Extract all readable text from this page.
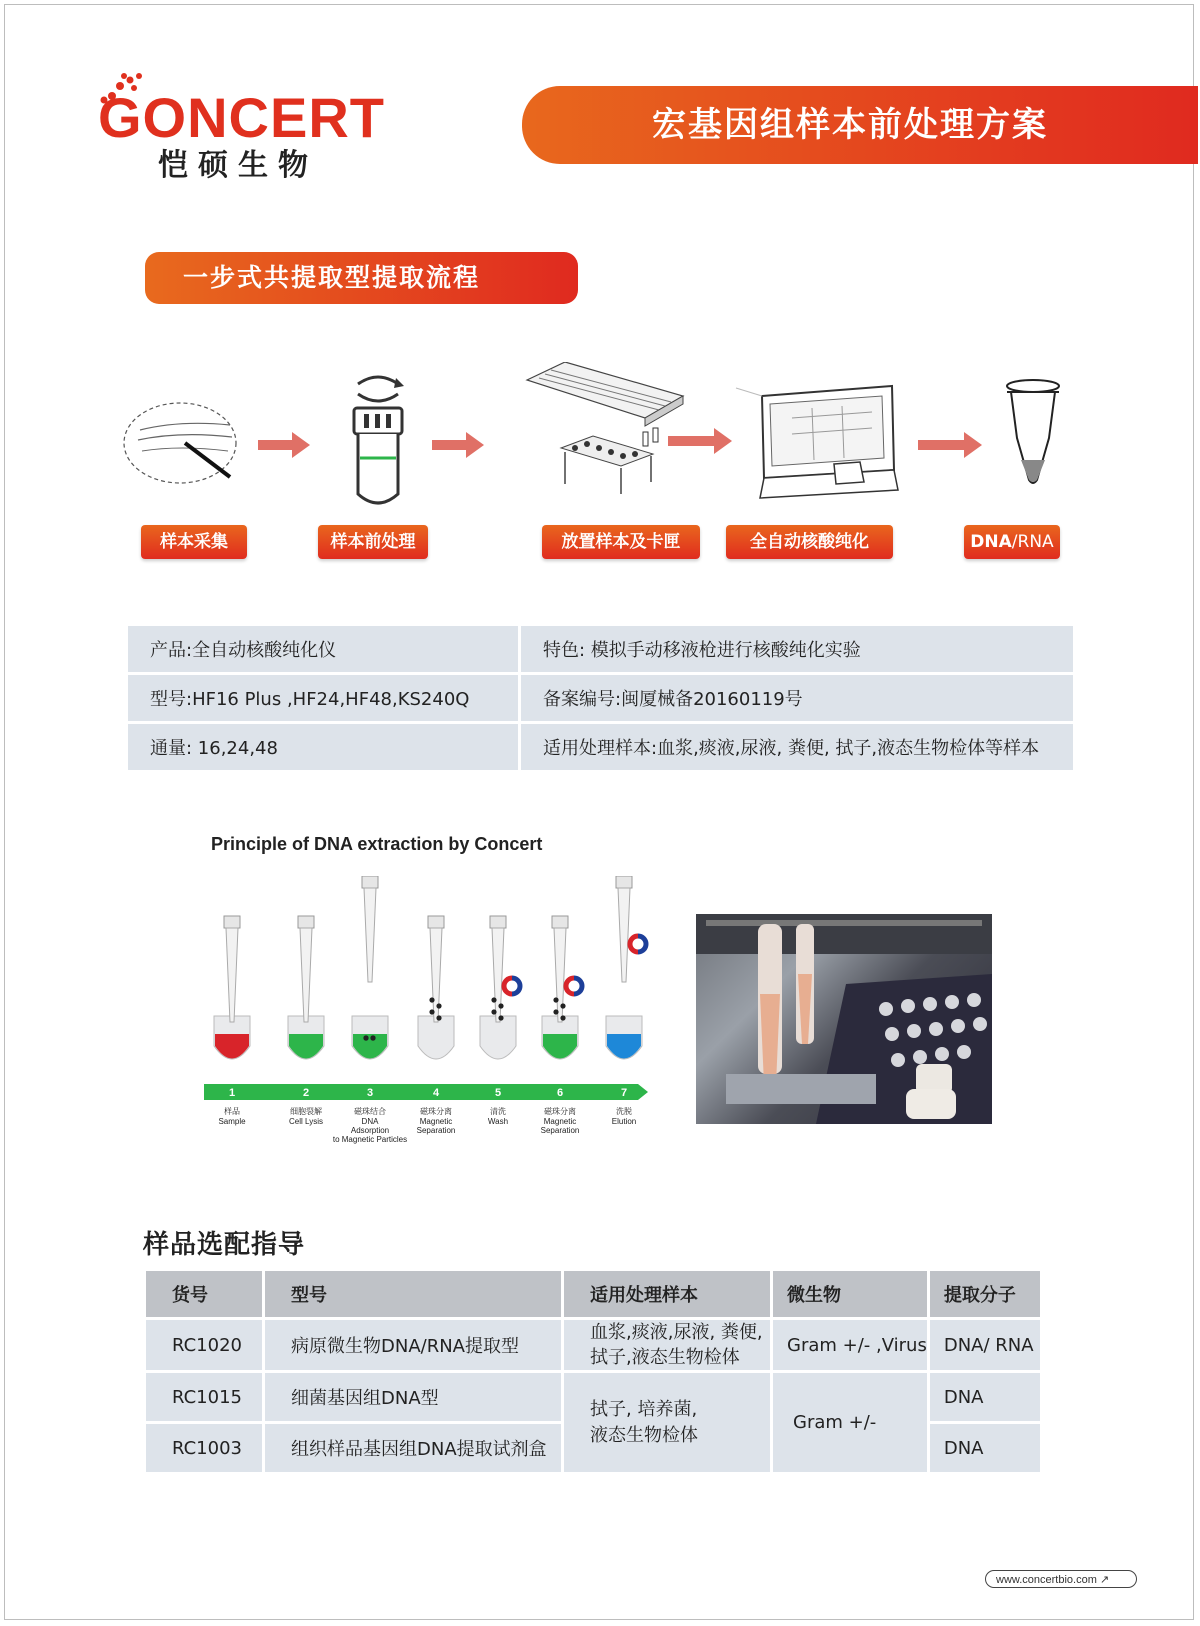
GONCERT
恺硕生物
宏基因组样本前处理方案
一步式共提取型提取流程
样本采集	样本前处理	放置样本及卡匣	全自动核酸纯化	DNA/RNA
产品:全自动核酸纯化仪	特色: 模拟手动移液枪进行核酸纯化实验
型号:HF16 Plus ,HF24,HF48,KS240Q	备案编号:闽厦械备20160119号
通量: 16,24,48	适用处理样本:血浆,痰液,尿液, 粪便, 拭子,液态生物检体等样本
Principle of DNA extraction by Concert
1
样品
Sample
2
细胞裂解
Cell Lysis
3
磁珠结合
DNA
Adsorption
to Magnetic Particles
4
磁珠分离
Magnetic
Separation
5
清洗
Wash
6
磁珠分离
Magnetic
Separation
7
洗脱
Elution
样品选配指导
货号	型号	适用处理样本	微生物	提取分子
RC1020	病原微生物DNA/RNA提取型	血浆,痰液,尿液, 粪便,
拭子,液态生物检体	Gram +/- ,Virus	DNA/ RNA
RC1015	细菌基因组DNA型	拭子, 培养菌,
液态生物检体	Gram +/-	DNA
RC1003	组织样品基因组DNA提取试剂盒			DNA
www.concertbio.com ↗
